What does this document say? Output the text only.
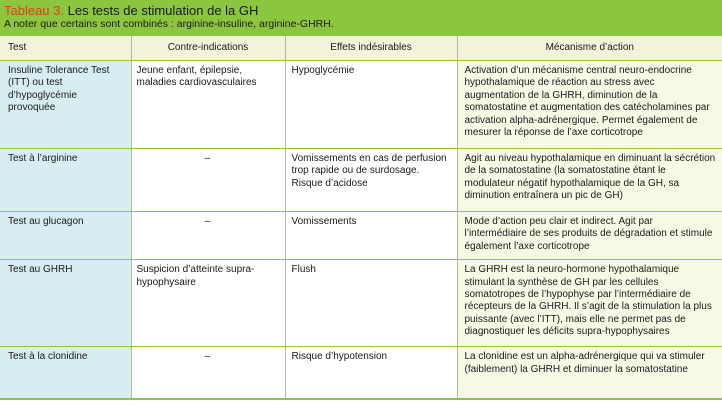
Tableau 3. Les tests de stimulation de la GH
A noter que certains sont combinés : arginine-insuline, arginine-GHRH.
Test	Contre-indications	Effets indésirables	Mécanisme d’action
Insuline Tolerance Test (ITT) ou test d’hypoglycémie provoquée	Jeune enfant, épilepsie, maladies cardiovasculaires	Hypoglycémie	Activation d’un mécanisme central neuro-endocrine hypothalamique de réaction au stress avec augmentation de la GHRH, diminution de la somatostatine et augmentation des catécholamines par activation alpha-adrénergique. Permet également de mesurer la réponse de l’axe corticotrope
Test à l’arginine	–	Vomissements en cas de perfusion trop rapide ou de surdosage. Risque d’acidose	Agit au niveau hypothalamique en diminuant la sécrétion de la somatostatine (la somatostatine étant le modulateur négatif hypothalamique de la GH, sa diminution entraînera un pic de GH)
Test au glucagon	–	Vomissements	Mode d’action peu clair et indirect. Agit par l’intermédiaire de ses produits de dégradation et stimule également l’axe corticotrope
Test au GHRH	Suspicion d’atteinte supra-hypophysaire	Flush	La GHRH est la neuro-hormone hypothalamique stimulant la synthèse de GH par les cellules somatotropes de l’hypophyse par l’intermédiaire de récepteurs de la GHRH. Il s’agit de la stimulation la plus puissante (avec l’ITT), mais elle ne permet pas de diagnostiquer les déficits supra-hypophysaires
Test à la clonidine	–	Risque d’hypotension	La clonidine est un alpha-adrénergique qui va stimuler (faiblement) la GHRH et diminuer la somatostatine
